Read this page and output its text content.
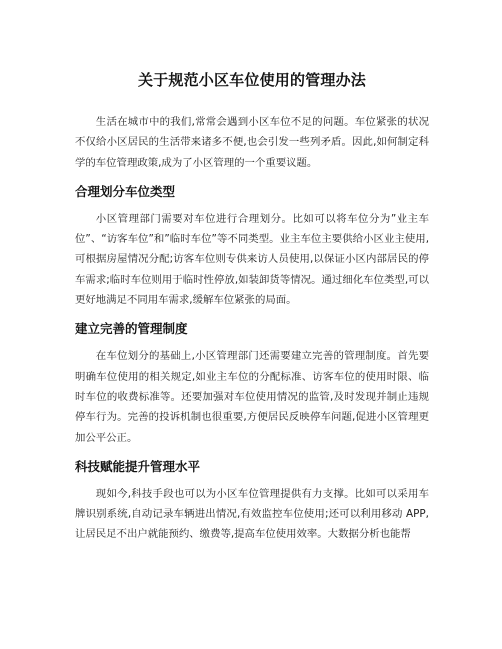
关于规范小区车位使用的管理办法

生活在城市中的我们,常常会遇到小区车位不足的问题。车位紧张的状况不仅给小区居民的生活带来诸多不便,也会引发一些列矛盾。因此,如何制定科学的车位管理政策,成为了小区管理的一个重要议题。

合理划分车位类型

小区管理部门需要对车位进行合理划分。比如可以将车位分为”业主车位”、“访客车位”和”临时车位”等不同类型。业主车位主要供给小区业主使用,可根据房屋情况分配;访客车位则专供来访人员使用,以保证小区内部居民的停车需求;临时车位则用于临时性停放,如装卸货等情况。通过细化车位类型,可以更好地满足不同用车需求,缓解车位紧张的局面。

建立完善的管理制度

在车位划分的基础上,小区管理部门还需要建立完善的管理制度。首先要明确车位使用的相关规定,如业主车位的分配标准、访客车位的使用时限、临时车位的收费标准等。还要加强对车位使用情况的监管,及时发现并制止违规停车行为。完善的投诉机制也很重要,方便居民反映停车问题,促进小区管理更加公平公正。

科技赋能提升管理水平

现如今,科技手段也可以为小区车位管理提供有力支撑。比如可以采用车牌识别系统,自动记录车辆进出情况,有效监控车位使用;还可以利用移动 APP,让居民足不出户就能预约、缴费等,提高车位使用效率。大数据分析也能帮
